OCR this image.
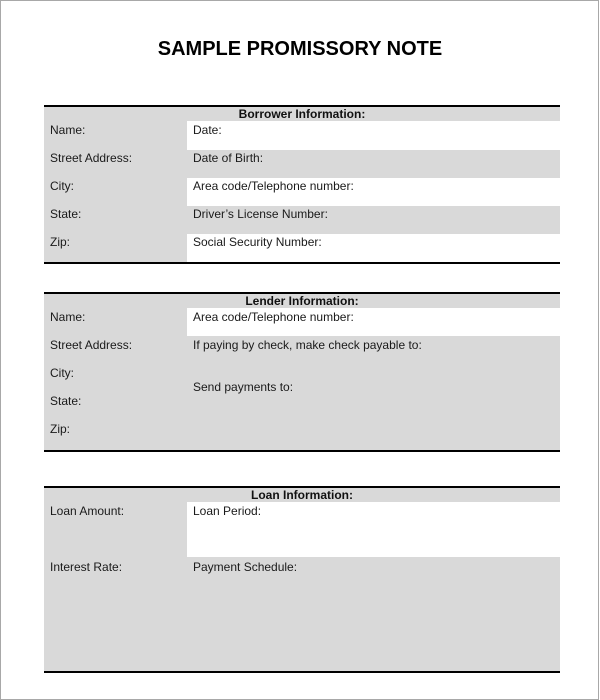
SAMPLE PROMISSORY NOTE
Borrower Information:
Name:
Street Address:
City:
State:
Zip:
Date:
Date of Birth:
Area code/Telephone number:
Driver’s License Number:
Social Security Number:
Lender Information:
Name:
Street Address:
City:
State:
Zip:
Area code/Telephone number:
If paying by check, make check payable to:
Send payments to:
Loan Information:
Loan Amount:
Interest Rate:
Loan Period:
Payment Schedule:
